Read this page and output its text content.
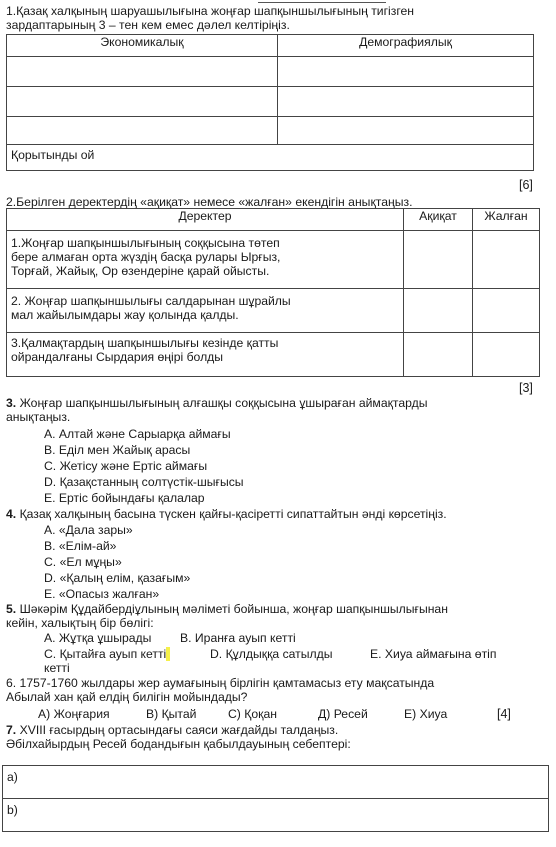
1.Қазақ халқының шаруашылығына жоңғар шапқыншылығының тигізген
зардаптарының 3 – тен кем емес дәлел келтіріңіз.
Экономикалық	Демографиялық

Қорытынды ой	
[6]
2.Берілген деректердің «ақиқат» немесе «жалған» екендігін анықтаңыз.
Деректер	Ақиқат	Жалған

1.Жоңғар шапқыншылығының соққысына төтеп
бере алмаған орта жүздің басқа рулары Ырғыз,
Торғай, Жайық, Ор өзендеріне қарай ойысты.		

2. Жоңғар шапқыншылығы салдарынан шұрайлы
мал жайылымдары жау қолында қалды.		

3.Қалмақтардың шапқыншылығы кезінде қатты
ойрандалғаны Сырдария өңірі болды		

[3]
3. Жоңғар шапқыншылығының алғашқы соққысына ұшыраған аймақтарды
анықтаңыз.
A. Алтай және Сарыарқа аймағы
B. Еділ мен Жайық арасы
C. Жетісу және Ертіс аймағы
D. Қазақстанның солтүстік-шығысы
E. Ертіс бойындағы қалалар
4. Қазақ халқының басына түскен қайғы-қасіретті сипаттайтын әнді көрсетіңіз.
A. «Дала зары»
B. «Елім-ай»
C. «Ел мұңы»
D. «Қалың елім, қазағым»
E. «Опасыз жалған»
5. Шәкәрім Құдайбердіұлының мәліметі бойынша, жоңғар шапқыншылығынан
кейін, халықтың бір бөлігі:
A. Жұтқа ұшырады B. Иранға ауып кетті
C. Қытайға ауып кетті	D. Құлдыққа сатылды	E. Хиуа аймағына өтіп
кетті
6. 1757-1760 жылдары жер аумағының бірлігін қамтамасыз ету мақсатында
Абылай хан қай елдің билігін мойындады?
A) Жоңғария	B) Қытай	C) Қоқан	Д) Ресей	E) Хиуа	[4]
7. XVIII ғасырдың ортасындағы саяси жағдайды талдаңыз.
Әбілхайырдың Ресей бодандығын қабылдауының себептері:
a)
b)
